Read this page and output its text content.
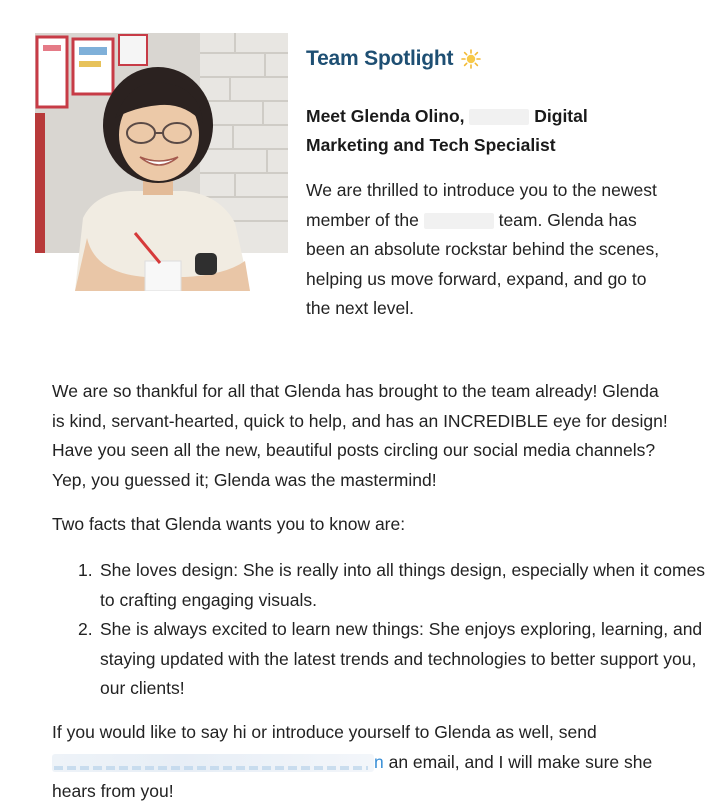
Team Spotlight
Meet Glenda Olino,	Digital Marketing and Tech Specialist
We are thrilled to introduce you to the newest member of the	team. Glenda has been an absolute rockstar behind the scenes, helping us move forward, expand, and go to the next level.

We are so thankful for all that Glenda has brought to the team already! Glenda is kind, servant-hearted, quick to help, and has an INCREDIBLE eye for design! Have you seen all the new, beautiful posts circling our social media channels? Yep, you guessed it; Glenda was the mastermind!

Two facts that Glenda wants you to know are:

1. She loves design: She is really into all things design, especially when it comes to crafting engaging visuals.
2. She is always excited to learn new things: She enjoys exploring, learning, and staying updated with the latest trends and technologies to better support you, our clients!

If you would like to say hi or introduce yourself to Glenda as well, send n an email, and I will make sure she hears from you!
